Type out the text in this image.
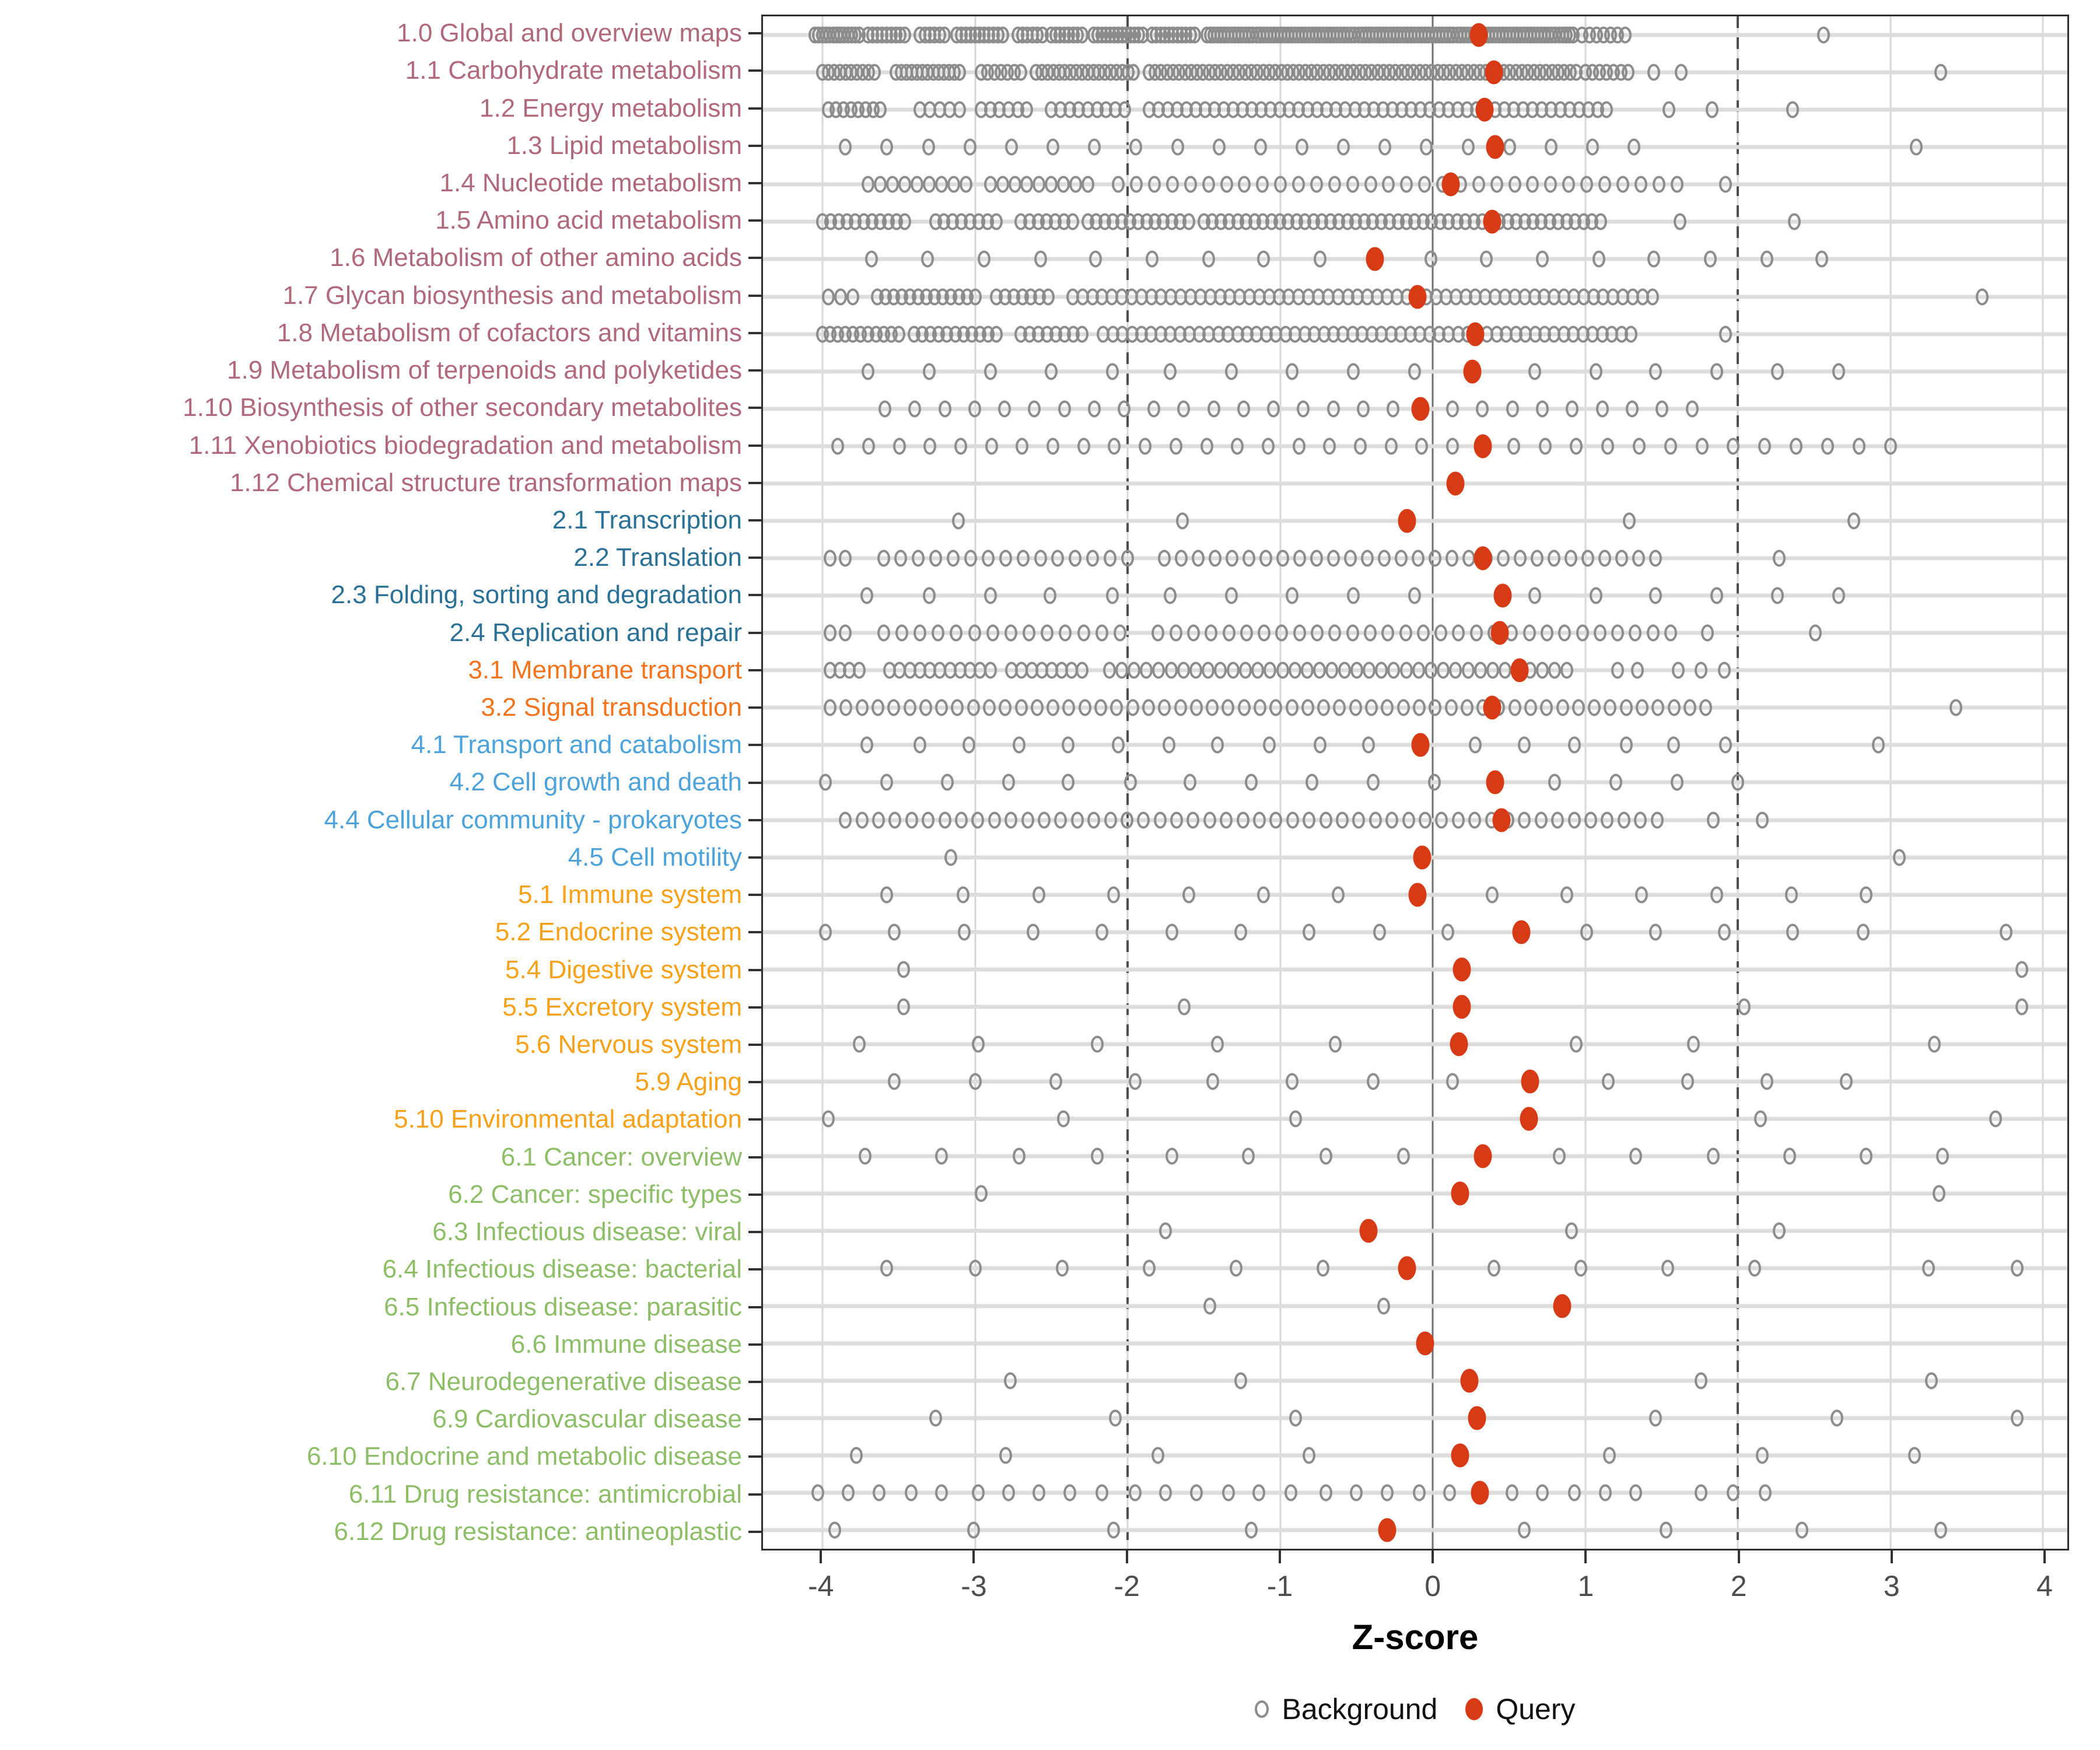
1.0 Global and overview maps
1.1 Carbohydrate metabolism
1.2 Energy metabolism
1.3 Lipid metabolism
1.4 Nucleotide metabolism
1.5 Amino acid metabolism
1.6 Metabolism of other amino acids
1.7 Glycan biosynthesis and metabolism
1.8 Metabolism of cofactors and vitamins
1.9 Metabolism of terpenoids and polyketides
1.10 Biosynthesis of other secondary metabolites
1.11 Xenobiotics biodegradation and metabolism
1.12 Chemical structure transformation maps
2.1 Transcription
2.2 Translation
2.3 Folding, sorting and degradation
2.4 Replication and repair
3.1 Membrane transport
3.2 Signal transduction
4.1 Transport and catabolism
4.2 Cell growth and death
4.4 Cellular community - prokaryotes
4.5 Cell motility
5.1 Immune system
5.2 Endocrine system
5.4 Digestive system
5.5 Excretory system
5.6 Nervous system
5.9 Aging
5.10 Environmental adaptation
6.1 Cancer: overview
6.2 Cancer: specific types
6.3 Infectious disease: viral
6.4 Infectious disease: bacterial
6.5 Infectious disease: parasitic
6.6 Immune disease
6.7 Neurodegenerative disease
6.9 Cardiovascular disease
6.10 Endocrine and metabolic disease
6.11 Drug resistance: antimicrobial
6.12 Drug resistance: antineoplastic
-4	-3	-2	-1	0	1	2	3	4
Z-score
Background Query
